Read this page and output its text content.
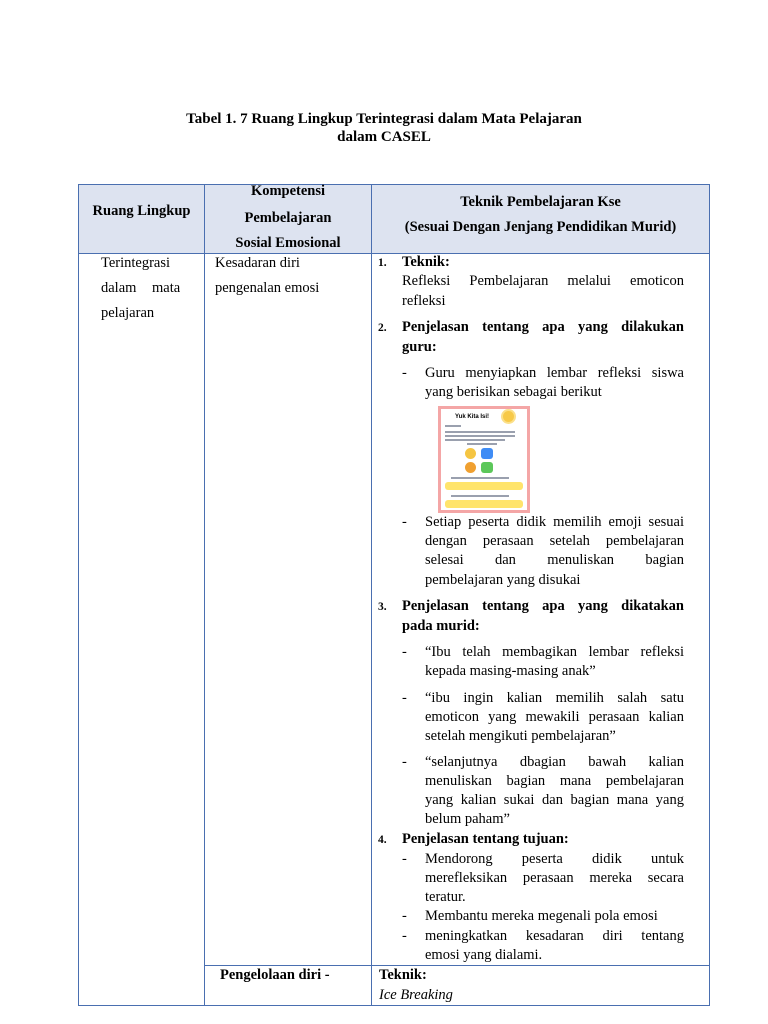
Tabel 1. 7 Ruang Lingkup Terintegrasi dalam Mata Pelajaran
dalam CASEL
Ruang Lingkup
Kompetensi
Pembelajaran
Sosial Emosional
Teknik Pembelajaran Kse
(Sesuai Dengan Jenjang Pendidikan Murid)
Terintegrasi
dalam mata
pelajaran
Kesadaran diri
pengenalan emosi
1. Teknik:
Refleksi Pembelajaran melalui emoticon
refleksi
2. Penjelasan tentang apa yang dilakukan
guru:
- Guru menyiapkan lembar refleksi siswa
yang berisikan sebagai berikut
Yuk Kita Isi!
- Setiap peserta didik memilih emoji sesuai
dengan perasaan setelah pembelajaran
selesai dan menuliskan bagian
pembelajaran yang disukai
3. Penjelasan tentang apa yang dikatakan
pada murid:
- “Ibu telah membagikan lembar refleksi
kepada masing-masing anak”
- “ibu ingin kalian memilih salah satu
emoticon yang mewakili perasaan kalian
setelah mengikuti pembelajaran”
- “selanjutnya dbagian bawah kalian
menuliskan bagian mana pembelajaran
yang kalian sukai dan bagian mana yang
belum paham”
4. Penjelasan tentang tujuan:
- Mendorong peserta didik untuk
merefleksikan perasaan mereka secara
teratur.
- Membantu mereka megenali pola emosi
- meningkatkan kesadaran diri tentang
emosi yang dialami.
Pengelolaan diri -	Teknik:
Ice Breaking
